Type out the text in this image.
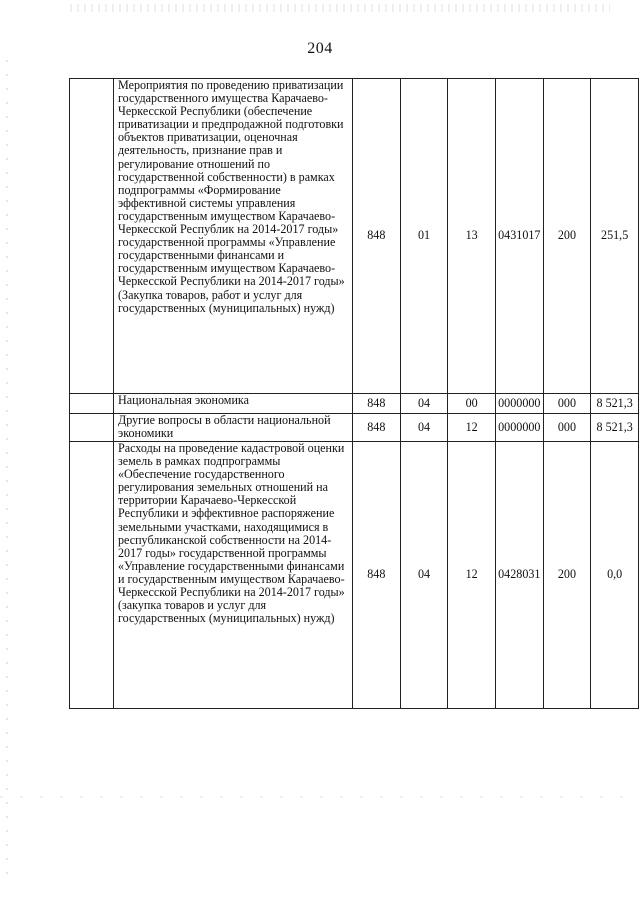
204
	Мероприятия по проведению приватизации государственного имущества Карачаево-Черкесской Республики (обеспечение приватизации и предпродажной подготовки объектов приватизации, оценочная деятельность, признание прав и регулирование отношений по государственной собственности) в рамках подпрограммы «Формирование эффективной системы управления государственным имуществом Карачаево-Черкесской Республик на 2014-2017 годы» государственной программы «Управление государственными финансами и государственным имуществом Карачаево-Черкесской Республики на 2014-2017 годы» (Закупка товаров, работ и услуг для государственных (муниципальных) нужд)	848	01	13	0431017	200	251,5
	Национальная экономика	848	04	00	0000000	000	8 521,3
	Другие вопросы в области национальной экономики	848	04	12	0000000	000	8 521,3
	Расходы на проведение кадастровой оценки земель в рамках подпрограммы «Обеспечение государственного регулирования земельных отношений на территории Карачаево-Черкесской Республики и эффективное распоряжение земельными участками, находящимися в республиканской собственности на 2014-2017 годы» государственной программы «Управление государственными финансами и государственным имуществом Карачаево-Черкесской Республики на 2014-2017 годы» (закупка товаров и услуг для государственных (муниципальных) нужд)	848	04	12	0428031	200	0,0
